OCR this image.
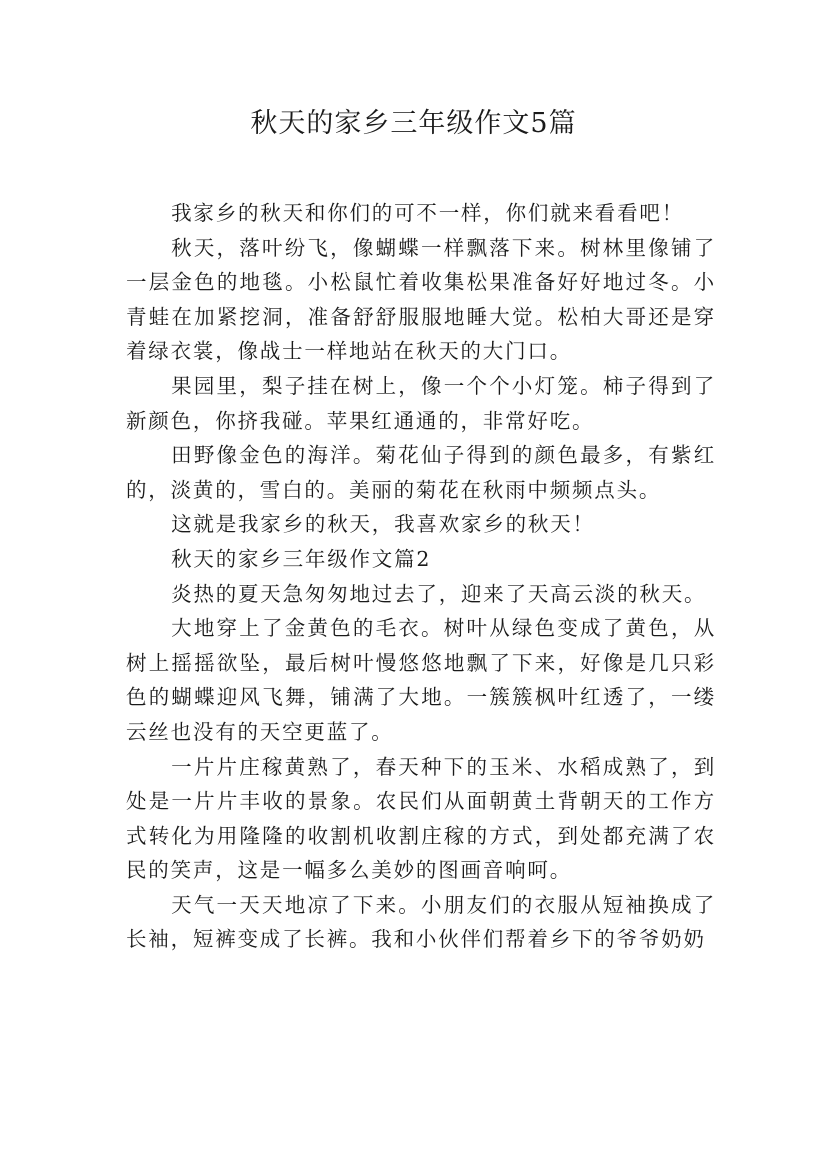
秋天的家乡三年级作文5篇

我家乡的秋天和你们的可不一样，你们就来看看吧！

秋天，落叶纷飞，像蝴蝶一样飘落下来。树林里像铺了一层金色的地毯。小松鼠忙着收集松果准备好好地过冬。小青蛙在加紧挖洞，准备舒舒服服地睡大觉。松柏大哥还是穿着绿衣裳，像战士一样地站在秋天的大门口。

果园里，梨子挂在树上，像一个个小灯笼。柿子得到了新颜色，你挤我碰。苹果红通通的，非常好吃。

田野像金色的海洋。菊花仙子得到的颜色最多，有紫红的，淡黄的，雪白的。美丽的菊花在秋雨中频频点头。

这就是我家乡的秋天，我喜欢家乡的秋天！

秋天的家乡三年级作文篇2

炎热的夏天急匆匆地过去了，迎来了天高云淡的秋天。

大地穿上了金黄色的毛衣。树叶从绿色变成了黄色，从树上摇摇欲坠，最后树叶慢悠悠地飘了下来，好像是几只彩色的蝴蝶迎风飞舞，铺满了大地。一簇簇枫叶红透了，一缕云丝也没有的天空更蓝了。

一片片庄稼黄熟了，春天种下的玉米、水稻成熟了，到处是一片片丰收的景象。农民们从面朝黄土背朝天的工作方式转化为用隆隆的收割机收割庄稼的方式，到处都充满了农民的笑声，这是一幅多么美妙的图画音响呵。

天气一天天地凉了下来。小朋友们的衣服从短袖换成了长袖，短裤变成了长裤。我和小伙伴们帮着乡下的爷爷奶奶
